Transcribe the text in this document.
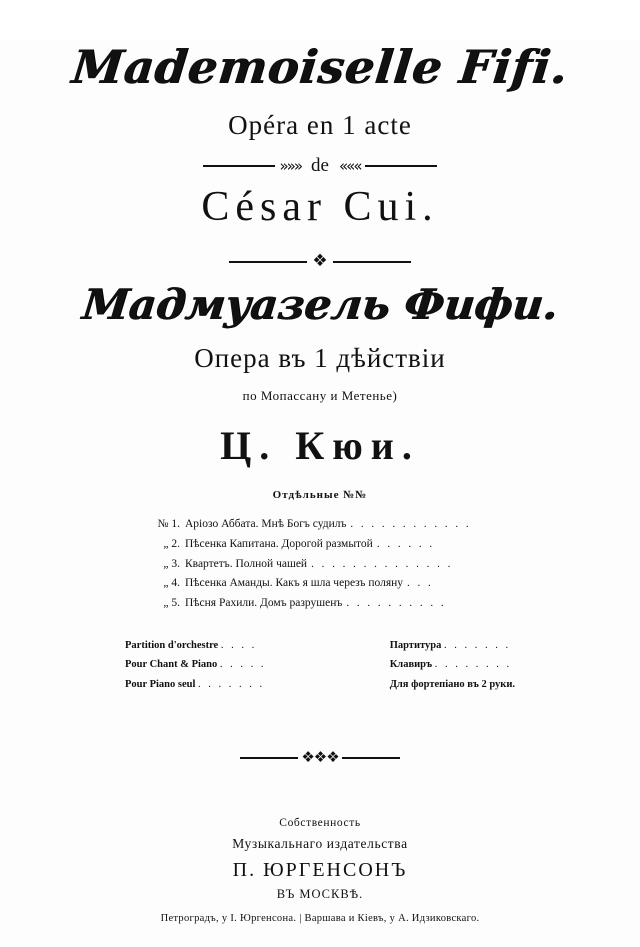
Mademoiselle Fifi.
Opéra en 1 acte
»»» de «««
César Cui.
❖
Мадмуазель Фифи.
Опера въ 1 дѣйствiи
по Мопассану и Метенье)
Ц. Кюи.
Отдѣльные №№
№ 1. Арiозо Аббата. Мнѣ Богъ судилъ . . . . . . . . . . . .
„ 2. Пѣсенка Капитана. Дорогой размытой . . . . . .
„ 3. Квартетъ. Полной чашей . . . . . . . . . . . . . .
„ 4. Пѣсенка Аманды. Какъ я шла черезъ поляну . . .
„ 5. Пѣсня Рахили. Домъ разрушенъ . . . . . . . . . .
Partition d'orchestre . . . .
Pour Chant & Piano . . . . .
Pour Piano seul . . . . . . .
Партитура . . . . . . .
Клавиръ . . . . . . . .
Для фортепiано въ 2 руки.
❖❖❖
Собственность
Музыкальнаго издательства
П. ЮРГЕНСОНЪ
ВЪ МОСКВѢ.
Петроградъ, у I. Юргенсона. | Варшава и Кiевъ, у А. Идзиковскаго.
